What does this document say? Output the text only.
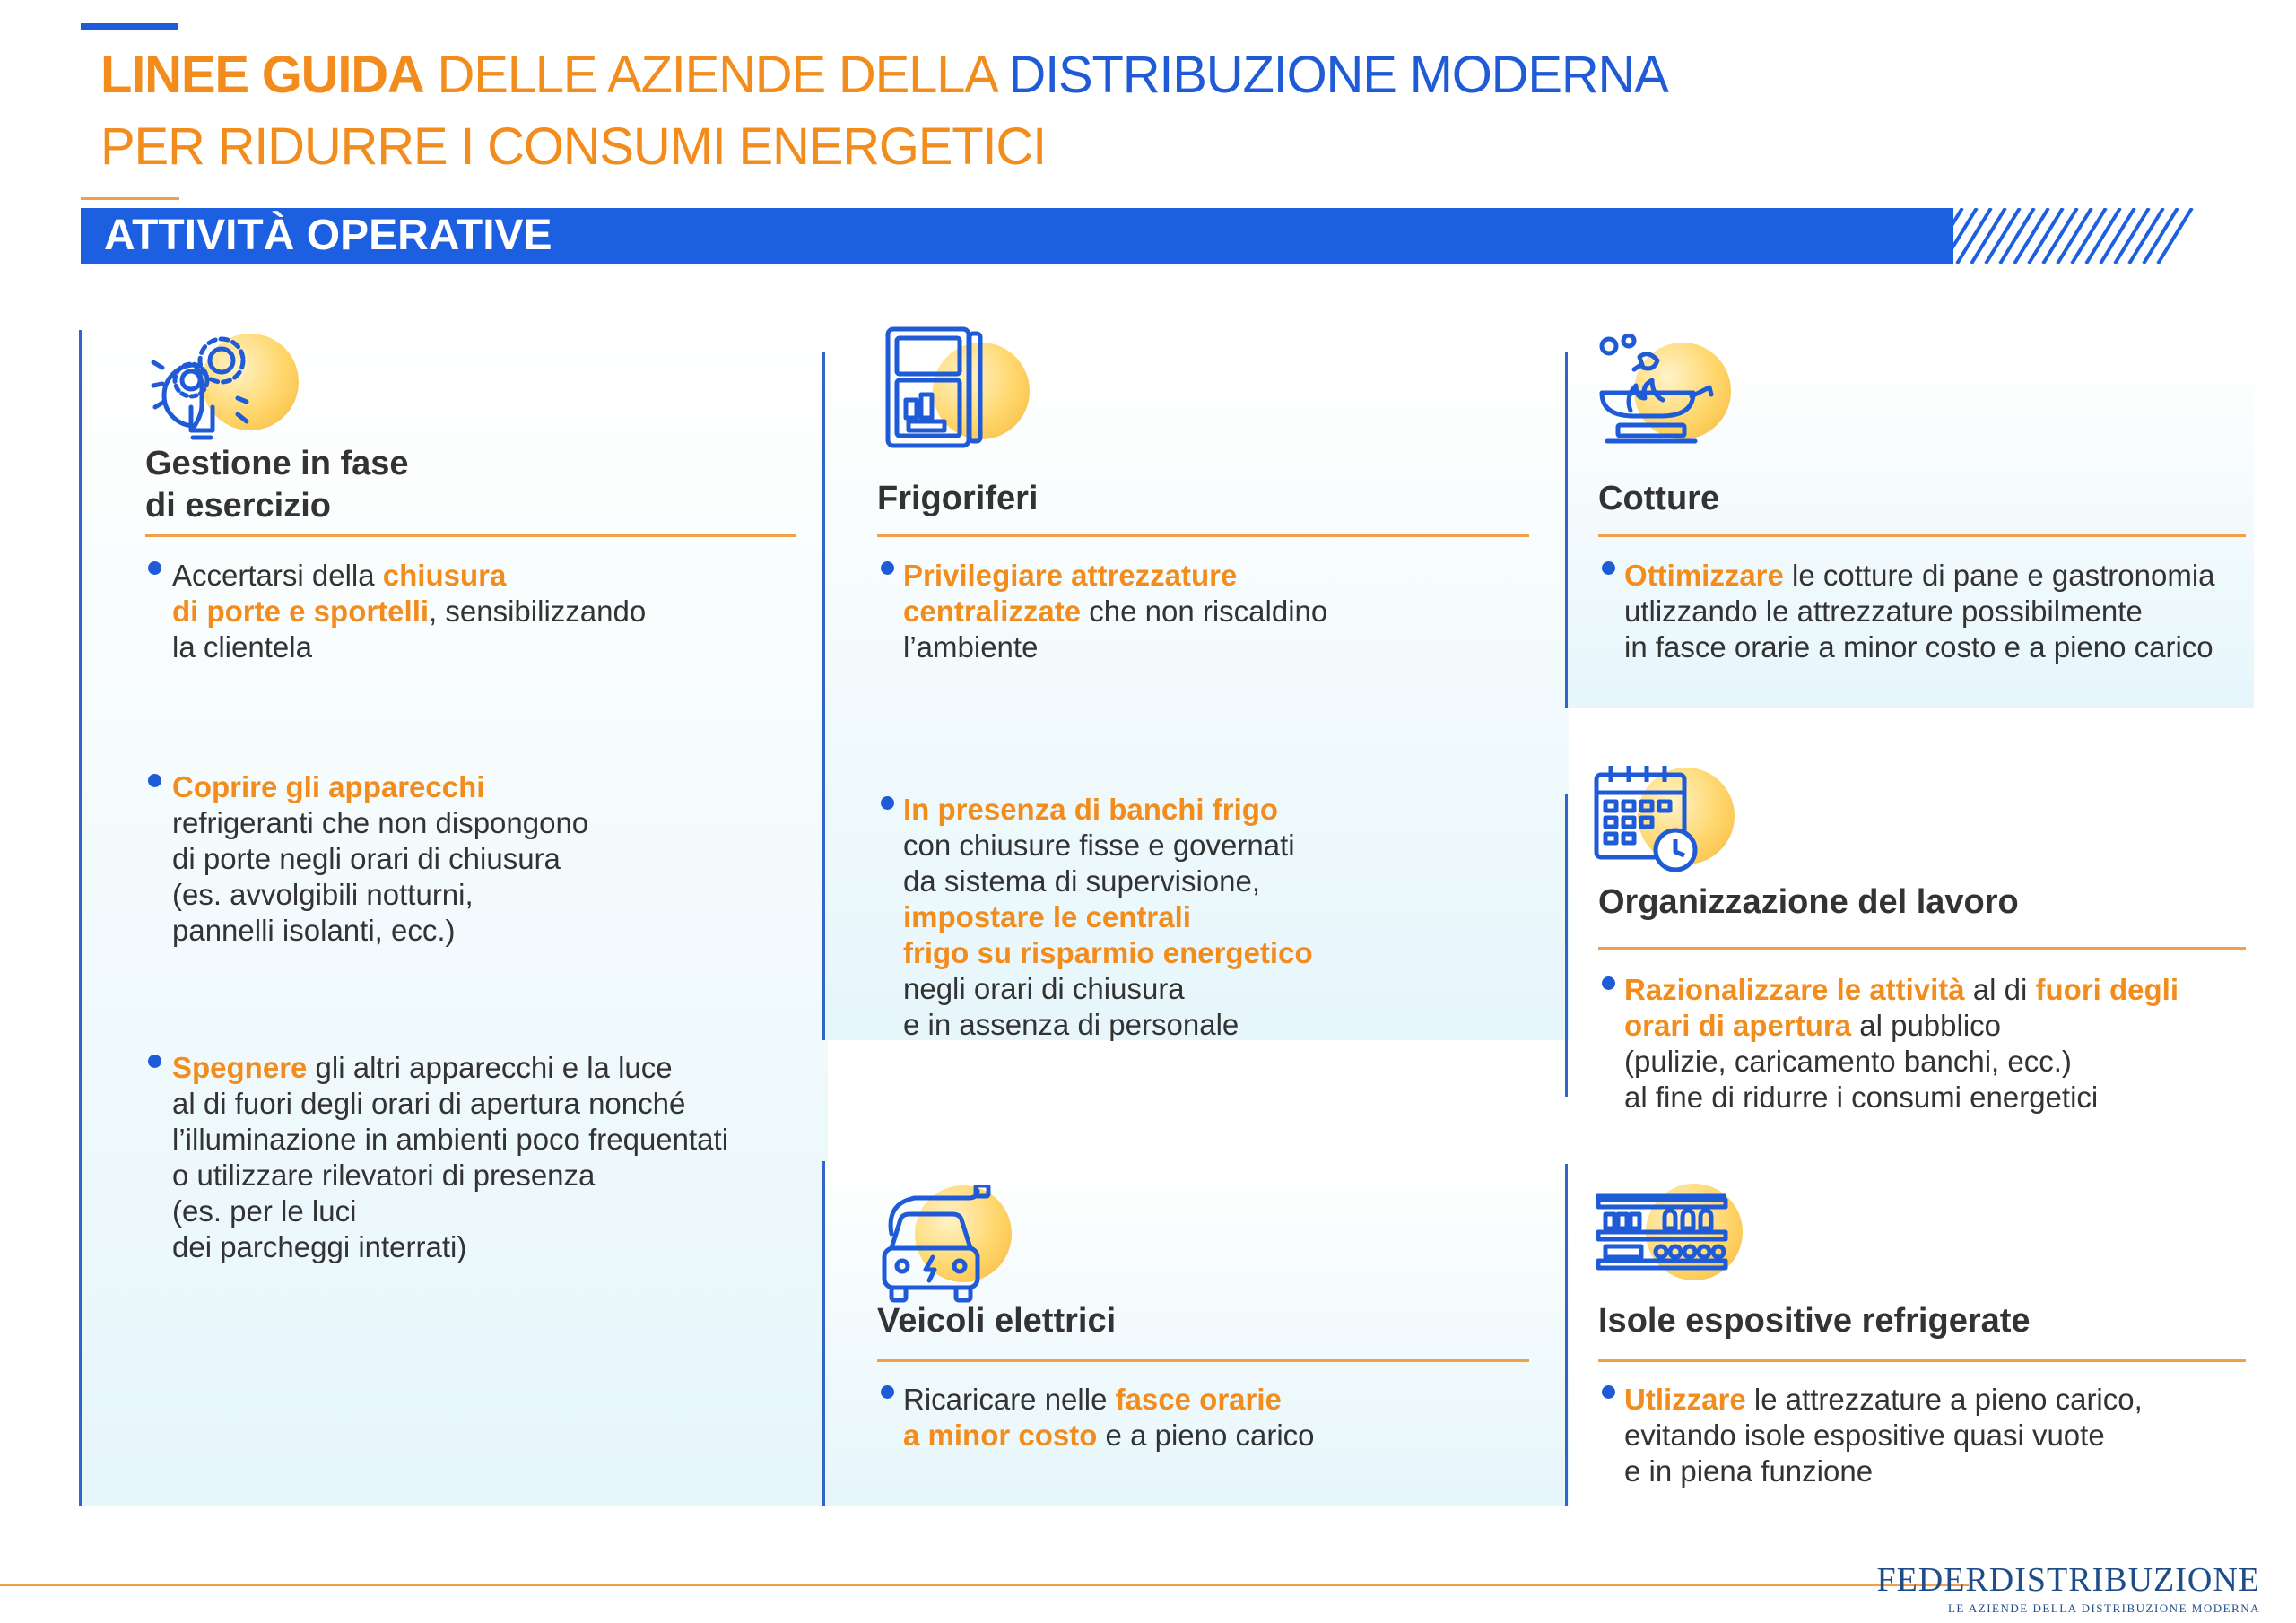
LINEE GUIDA DELLE AZIENDE DELLA DISTRIBUZIONE MODERNA
PER RIDURRE I CONSUMI ENERGETICI
ATTIVITÀ OPERATIVE
Gestione in fase
di esercizio
Accertarsi della chiusura
di porte e sportelli, sensibilizzando
la clientela
Coprire gli apparecchi
refrigeranti che non dispongono
di porte negli orari di chiusura
(es. avvolgibili notturni,
pannelli isolanti, ecc.)
Spegnere gli altri apparecchi e la luce
al di fuori degli orari di apertura nonché
l’illuminazione in ambienti poco frequentati
o utilizzare rilevatori di presenza
(es. per le luci
dei parcheggi interrati)
Frigoriferi
Privilegiare attrezzature
centralizzate che non riscaldino
l’ambiente
In presenza di banchi frigo
con chiusure fisse e governati
da sistema di supervisione,
impostare le centrali
frigo su risparmio energetico
negli orari di chiusura
e in assenza di personale
Veicoli elettrici
Ricaricare nelle fasce orarie
a minor costo e a pieno carico
Cotture
Ottimizzare le cotture di pane e gastronomia
utlizzando le attrezzature possibilmente
in fasce orarie a minor costo e a pieno carico
Organizzazione del lavoro
Razionalizzare le attività al di fuori degli
orari di apertura al pubblico
(pulizie, caricamento banchi, ecc.)
al fine di ridurre i consumi energetici
Isole espositive refrigerate
Utlizzare le attrezzature a pieno carico,
evitando isole espositive quasi vuote
e in piena funzione
FEDERDISTRIBUZIONE
LE AZIENDE DELLA DISTRIBUZIONE MODERNA
